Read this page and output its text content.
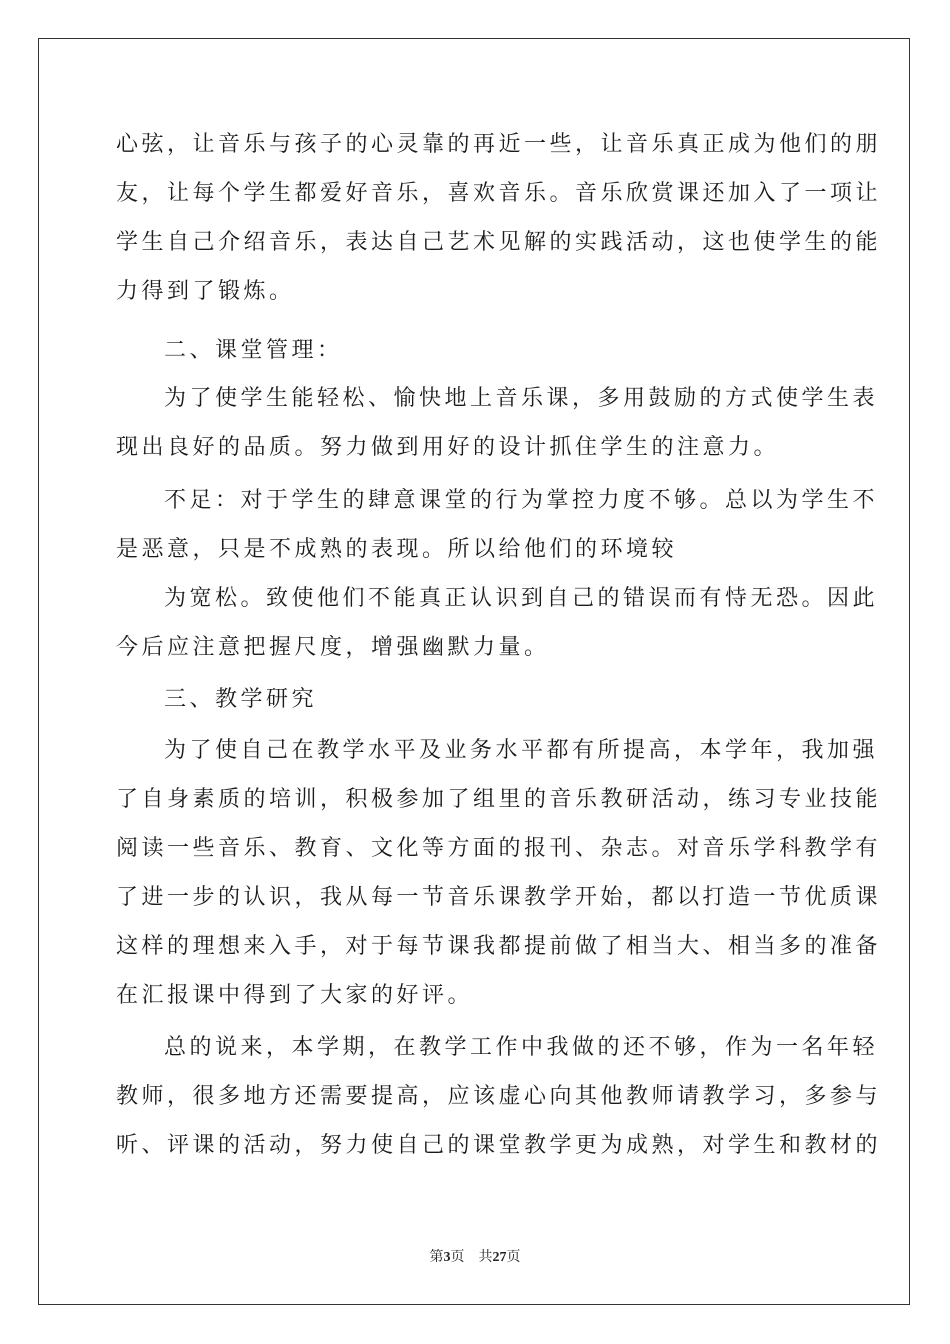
心弦，让音乐与孩子的心灵靠的再近一些，让音乐真正成为他们的朋
友，让每个学生都爱好音乐，喜欢音乐。音乐欣赏课还加入了一项让
学生自己介绍音乐，表达自己艺术见解的实践活动，这也使学生的能
力得到了锻炼。
二、课堂管理：
为了使学生能轻松、愉快地上音乐课，多用鼓励的方式使学生表
现出良好的品质。努力做到用好的设计抓住学生的注意力。
不足：对于学生的肆意课堂的行为掌控力度不够。总以为学生不
是恶意，只是不成熟的表现。所以给他们的环境较
为宽松。致使他们不能真正认识到自己的错误而有恃无恐。因此
今后应注意把握尺度，增强幽默力量。
三、教学研究
为了使自己在教学水平及业务水平都有所提高，本学年，我加强
了自身素质的培训，积极参加了组里的音乐教研活动，练习专业技能
阅读一些音乐、教育、文化等方面的报刊、杂志。对音乐学科教学有
了进一步的认识，我从每一节音乐课教学开始，都以打造一节优质课
这样的理想来入手，对于每节课我都提前做了相当大、相当多的准备
在汇报课中得到了大家的好评。
总的说来，本学期，在教学工作中我做的还不够，作为一名年轻
教师，很多地方还需要提高，应该虚心向其他教师请教学习，多参与
听、评课的活动，努力使自己的课堂教学更为成熟，对学生和教材的
第3页　共27页
